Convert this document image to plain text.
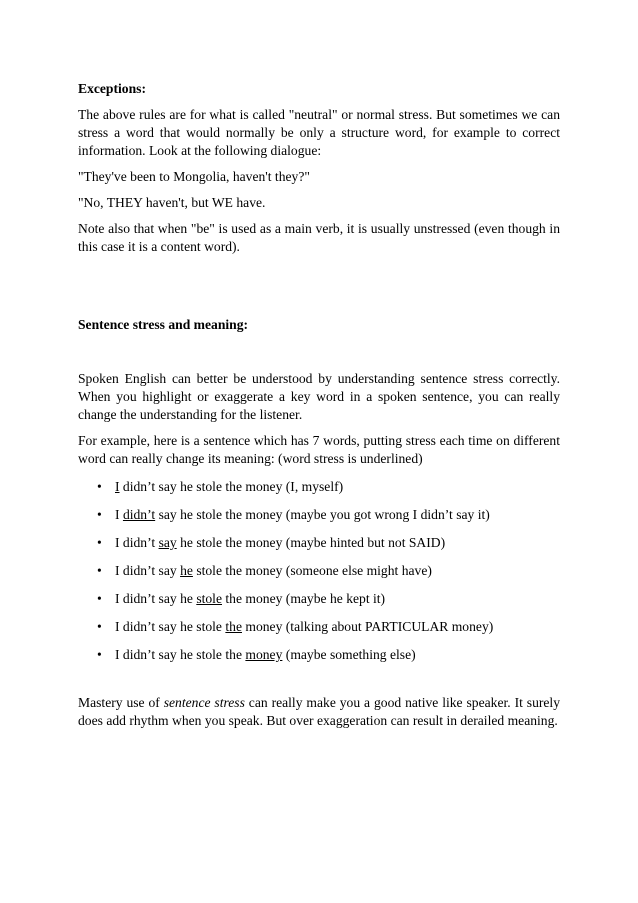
Exceptions:

The above rules are for what is called "neutral" or normal stress. But sometimes we can stress a word that would normally be only a structure word, for example to correct information. Look at the following dialogue:

"They've been to Mongolia, haven't they?"

"No, THEY haven't, but WE have.

Note also that when "be" is used as a main verb, it is usually unstressed (even though in this case it is a content word).

Sentence stress and meaning:

Spoken English can better be understood by understanding sentence stress correctly. When you highlight or exaggerate a key word in a spoken sentence, you can really change the understanding for the listener.

For example, here is a sentence which has 7 words, putting stress each time on different word can really change its meaning: (word stress is underlined)

• I didn’t say he stole the money (I, myself)
• I didn’t say he stole the money (maybe you got wrong I didn’t say it)
• I didn’t say he stole the money (maybe hinted but not SAID)
• I didn’t say he stole the money (someone else might have)
• I didn’t say he stole the money (maybe he kept it)
• I didn’t say he stole the money (talking about PARTICULAR money)
• I didn’t say he stole the money (maybe something else)

Mastery use of sentence stress can really make you a good native like speaker. It surely does add rhythm when you speak. But over exaggeration can result in derailed meaning.
